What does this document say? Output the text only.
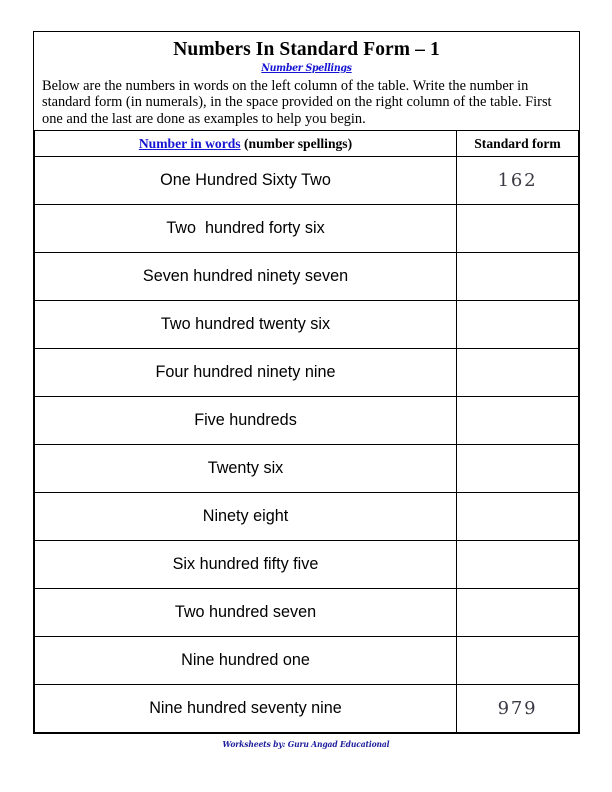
Numbers In Standard Form – 1
Number Spellings
Below are the numbers in words on the left column of the table. Write the number in standard form (in numerals), in the space provided on the right column of the table. First one and the last are done as examples to help you begin.
Number in words (number spellings)	Standard form
One Hundred Sixty Two	162
Two  hundred forty six	
Seven hundred ninety seven	
Two hundred twenty six	
Four hundred ninety nine	
Five hundreds	
Twenty six	
Ninety eight	
Six hundred fifty five	
Two hundred seven	
Nine hundred one	
Nine hundred seventy nine	979
Worksheets by: Guru Angad Educational
